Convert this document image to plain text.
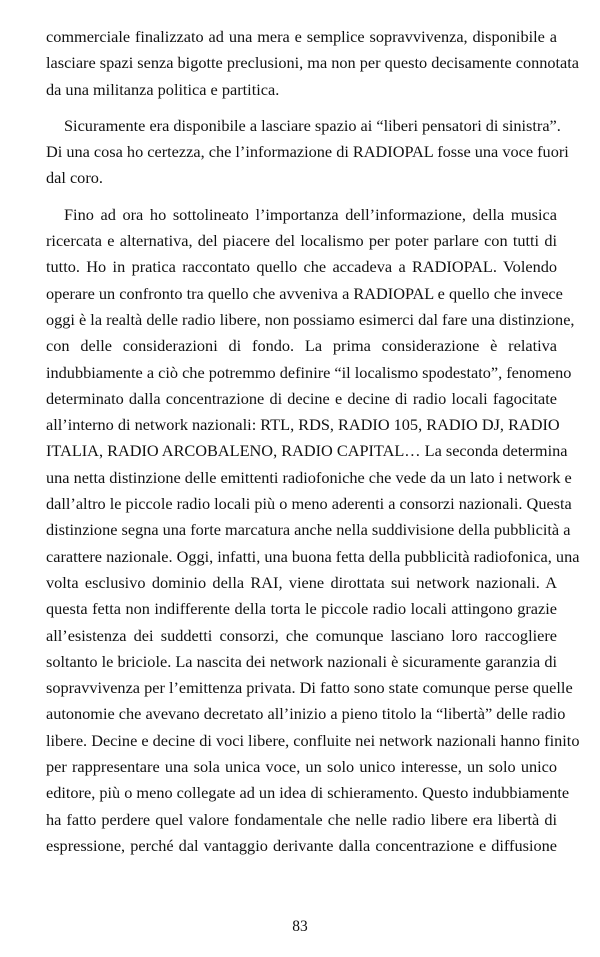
commerciale finalizzato ad una mera e semplice sopravvivenza, disponibile a
lasciare spazi senza bigotte preclusioni, ma non per questo decisamente connotata
da una militanza politica e partitica.
Sicuramente era disponibile a lasciare spazio ai “liberi pensatori di sinistra”.
Di una cosa ho certezza, che l’informazione di RADIOPAL fosse una voce fuori
dal coro.
Fino ad ora ho sottolineato l’importanza dell’informazione, della musica
ricercata e alternativa, del piacere del localismo per poter parlare con tutti di
tutto. Ho in pratica raccontato quello che accadeva a RADIOPAL. Volendo
operare un confronto tra quello che avveniva a RADIOPAL e quello che invece
oggi è la realtà delle radio libere, non possiamo esimerci dal fare una distinzione,
con delle considerazioni di fondo. La prima considerazione è relativa
indubbiamente a ciò che potremmo definire “il localismo spodestato”, fenomeno
determinato dalla concentrazione di decine e decine di radio locali fagocitate
all’interno di network nazionali: RTL, RDS, RADIO 105, RADIO DJ, RADIO
ITALIA, RADIO ARCOBALENO, RADIO CAPITAL… La seconda determina
una netta distinzione delle emittenti radiofoniche che vede da un lato i network e
dall’altro le piccole radio locali più o meno aderenti a consorzi nazionali. Questa
distinzione segna una forte marcatura anche nella suddivisione della pubblicità a
carattere nazionale. Oggi, infatti, una buona fetta della pubblicità radiofonica, una
volta esclusivo dominio della RAI, viene dirottata sui network nazionali. A
questa fetta non indifferente della torta le piccole radio locali attingono grazie
all’esistenza dei suddetti consorzi, che comunque lasciano loro raccogliere
soltanto le briciole. La nascita dei network nazionali è sicuramente garanzia di
sopravvivenza per l’emittenza privata. Di fatto sono state comunque perse quelle
autonomie che avevano decretato all’inizio a pieno titolo la “libertà” delle radio
libere. Decine e decine di voci libere, confluite nei network nazionali hanno finito
per rappresentare una sola unica voce, un solo unico interesse, un solo unico
editore, più o meno collegate ad un idea di schieramento. Questo indubbiamente
ha fatto perdere quel valore fondamentale che nelle radio libere era libertà di
espressione, perché dal vantaggio derivante dalla concentrazione e diffusione
83
